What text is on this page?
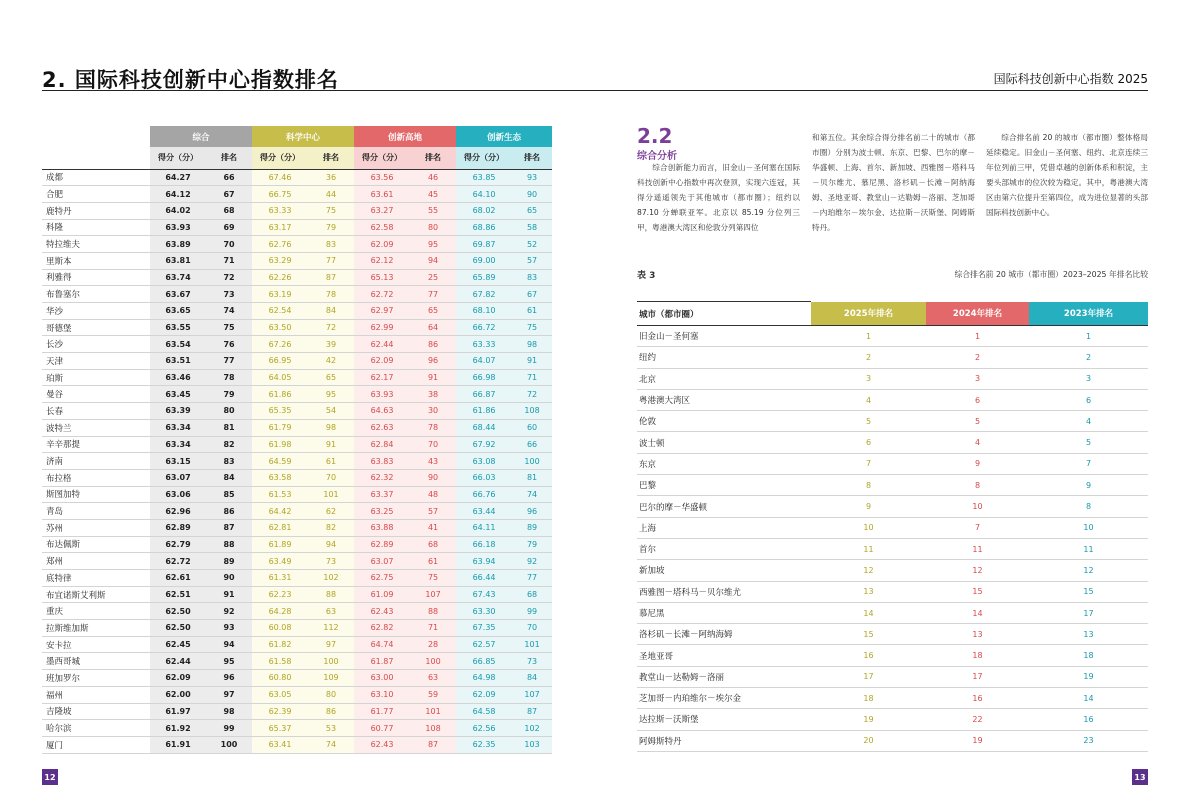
2. 国际科技创新中心指数排名	国际科技创新中心指数 2025
城市（都市圈）	综合		科学中心		创新高地		创新生态	
	得分（分）	排名	得分（分）	排名	得分（分）	排名	得分（分）	排名
成都	64.27	66	67.46	36	63.56	46	63.85	93
合肥	64.12	67	66.75	44	63.61	45	64.10	90
鹿特丹	64.02	68	63.33	75	63.27	55	68.02	65
科隆	63.93	69	63.17	79	62.58	80	68.86	58
特拉维夫	63.89	70	62.76	83	62.09	95	69.87	52
里斯本	63.81	71	63.29	77	62.12	94	69.00	57
利雅得	63.74	72	62.26	87	65.13	25	65.89	83
布鲁塞尔	63.67	73	63.19	78	62.72	77	67.82	67
华沙	63.65	74	62.54	84	62.97	65	68.10	61
哥德堡	63.55	75	63.50	72	62.99	64	66.72	75
长沙	63.54	76	67.26	39	62.44	86	63.33	98
天津	63.51	77	66.95	42	62.09	96	64.07	91
珀斯	63.46	78	64.05	65	62.17	91	66.98	71
曼谷	63.45	79	61.86	95	63.93	38	66.87	72
长春	63.39	80	65.35	54	64.63	30	61.86	108
波特兰	63.34	81	61.79	98	62.63	78	68.44	60
辛辛那提	63.34	82	61.98	91	62.84	70	67.92	66
济南	63.15	83	64.59	61	63.83	43	63.08	100
布拉格	63.07	84	63.58	70	62.32	90	66.03	81
斯图加特	63.06	85	61.53	101	63.37	48	66.76	74
青岛	62.96	86	64.42	62	63.25	57	63.44	96
苏州	62.89	87	62.81	82	63.88	41	64.11	89
布达佩斯	62.79	88	61.89	94	62.89	68	66.18	79
郑州	62.72	89	63.49	73	63.07	61	63.94	92
底特律	62.61	90	61.31	102	62.75	75	66.44	77
布宜诺斯艾利斯	62.51	91	62.23	88	61.09	107	67.43	68
重庆	62.50	92	64.28	63	62.43	88	63.30	99
拉斯维加斯	62.50	93	60.08	112	62.82	71	67.35	70
安卡拉	62.45	94	61.82	97	64.74	28	62.57	101
墨西哥城	62.44	95	61.58	100	61.87	100	66.85	73
班加罗尔	62.09	96	60.80	109	63.00	63	64.98	84
福州	62.00	97	63.05	80	63.10	59	62.09	107
吉隆坡	61.97	98	62.39	86	61.77	101	64.58	87
哈尔滨	61.92	99	65.37	53	60.77	108	62.56	102
厦门	61.91	100	63.41	74	62.43	87	62.35	103
12
2.2
综合分析
综合创新能力而言，旧金山－圣何塞在国际科技创新中心指数中再次登顶，实现六连冠，其得分遥遥领先于其他城市（都市圈）；纽约以 87.10 分蝉联亚军。北京以 85.19 分位列三甲，粤港澳大湾区和伦敦分列第四位
和第五位。其余综合得分排名前二十的城市（都市圈）分别为波士顿、东京、巴黎、巴尔的摩－华盛顿、上海、首尔、新加坡、西雅图－塔科马－贝尔维尤、慕尼黑、洛杉矶－长滩－阿纳海姆、圣地亚哥、教堂山－达勒姆－洛丽、芝加哥－内珀维尔－埃尔金、达拉斯－沃斯堡、阿姆斯特丹。
综合排名前 20 的城市（都市圈）整体格局延续稳定。旧金山－圣何塞、纽约、北京连续三年位列前三甲，凭借卓越的创新体系和积淀，主要头部城市的位次较为稳定。其中，粤港澳大湾区由第六位提升至第四位，成为进位显著的头部国际科技创新中心。
表 3	综合排名前 20 城市（都市圈）2023–2025 年排名比较
城市（都市圈）	2025年排名	2024年排名	2023年排名
旧金山－圣何塞	1	1	1
纽约	2	2	2
北京	3	3	3
粤港澳大湾区	4	6	6
伦敦	5	5	4
波士顿	6	4	5
东京	7	9	7
巴黎	8	8	9
巴尔的摩－华盛顿	9	10	8
上海	10	7	10
首尔	11	11	11
新加坡	12	12	12
西雅图－塔科马－贝尔维尤	13	15	15
慕尼黑	14	14	17
洛杉矶－长滩－阿纳海姆	15	13	13
圣地亚哥	16	18	18
教堂山－达勒姆－洛丽	17	17	19
芝加哥－内珀维尔－埃尔金	18	16	14
达拉斯－沃斯堡	19	22	16
阿姆斯特丹	20	19	23
13
